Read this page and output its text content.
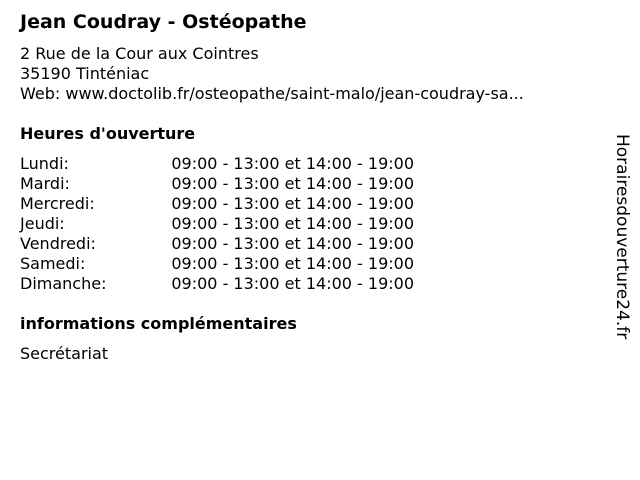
Jean Coudray - Ostéopathe
2 Rue de la Cour aux Cointres
35190 Tinténiac
Web: www.doctolib.fr/osteopathe/saint-malo/jean-coudray-sa...
Heures d'ouverture
Lundi:	09:00 - 13:00 et 14:00 - 19:00
Mardi:	09:00 - 13:00 et 14:00 - 19:00
Mercredi:	09:00 - 13:00 et 14:00 - 19:00
Jeudi:	09:00 - 13:00 et 14:00 - 19:00
Vendredi:	09:00 - 13:00 et 14:00 - 19:00
Samedi:	09:00 - 13:00 et 14:00 - 19:00
Dimanche:	09:00 - 13:00 et 14:00 - 19:00
informations complémentaires
Secrétariat
Horairesdouverture24.fr
